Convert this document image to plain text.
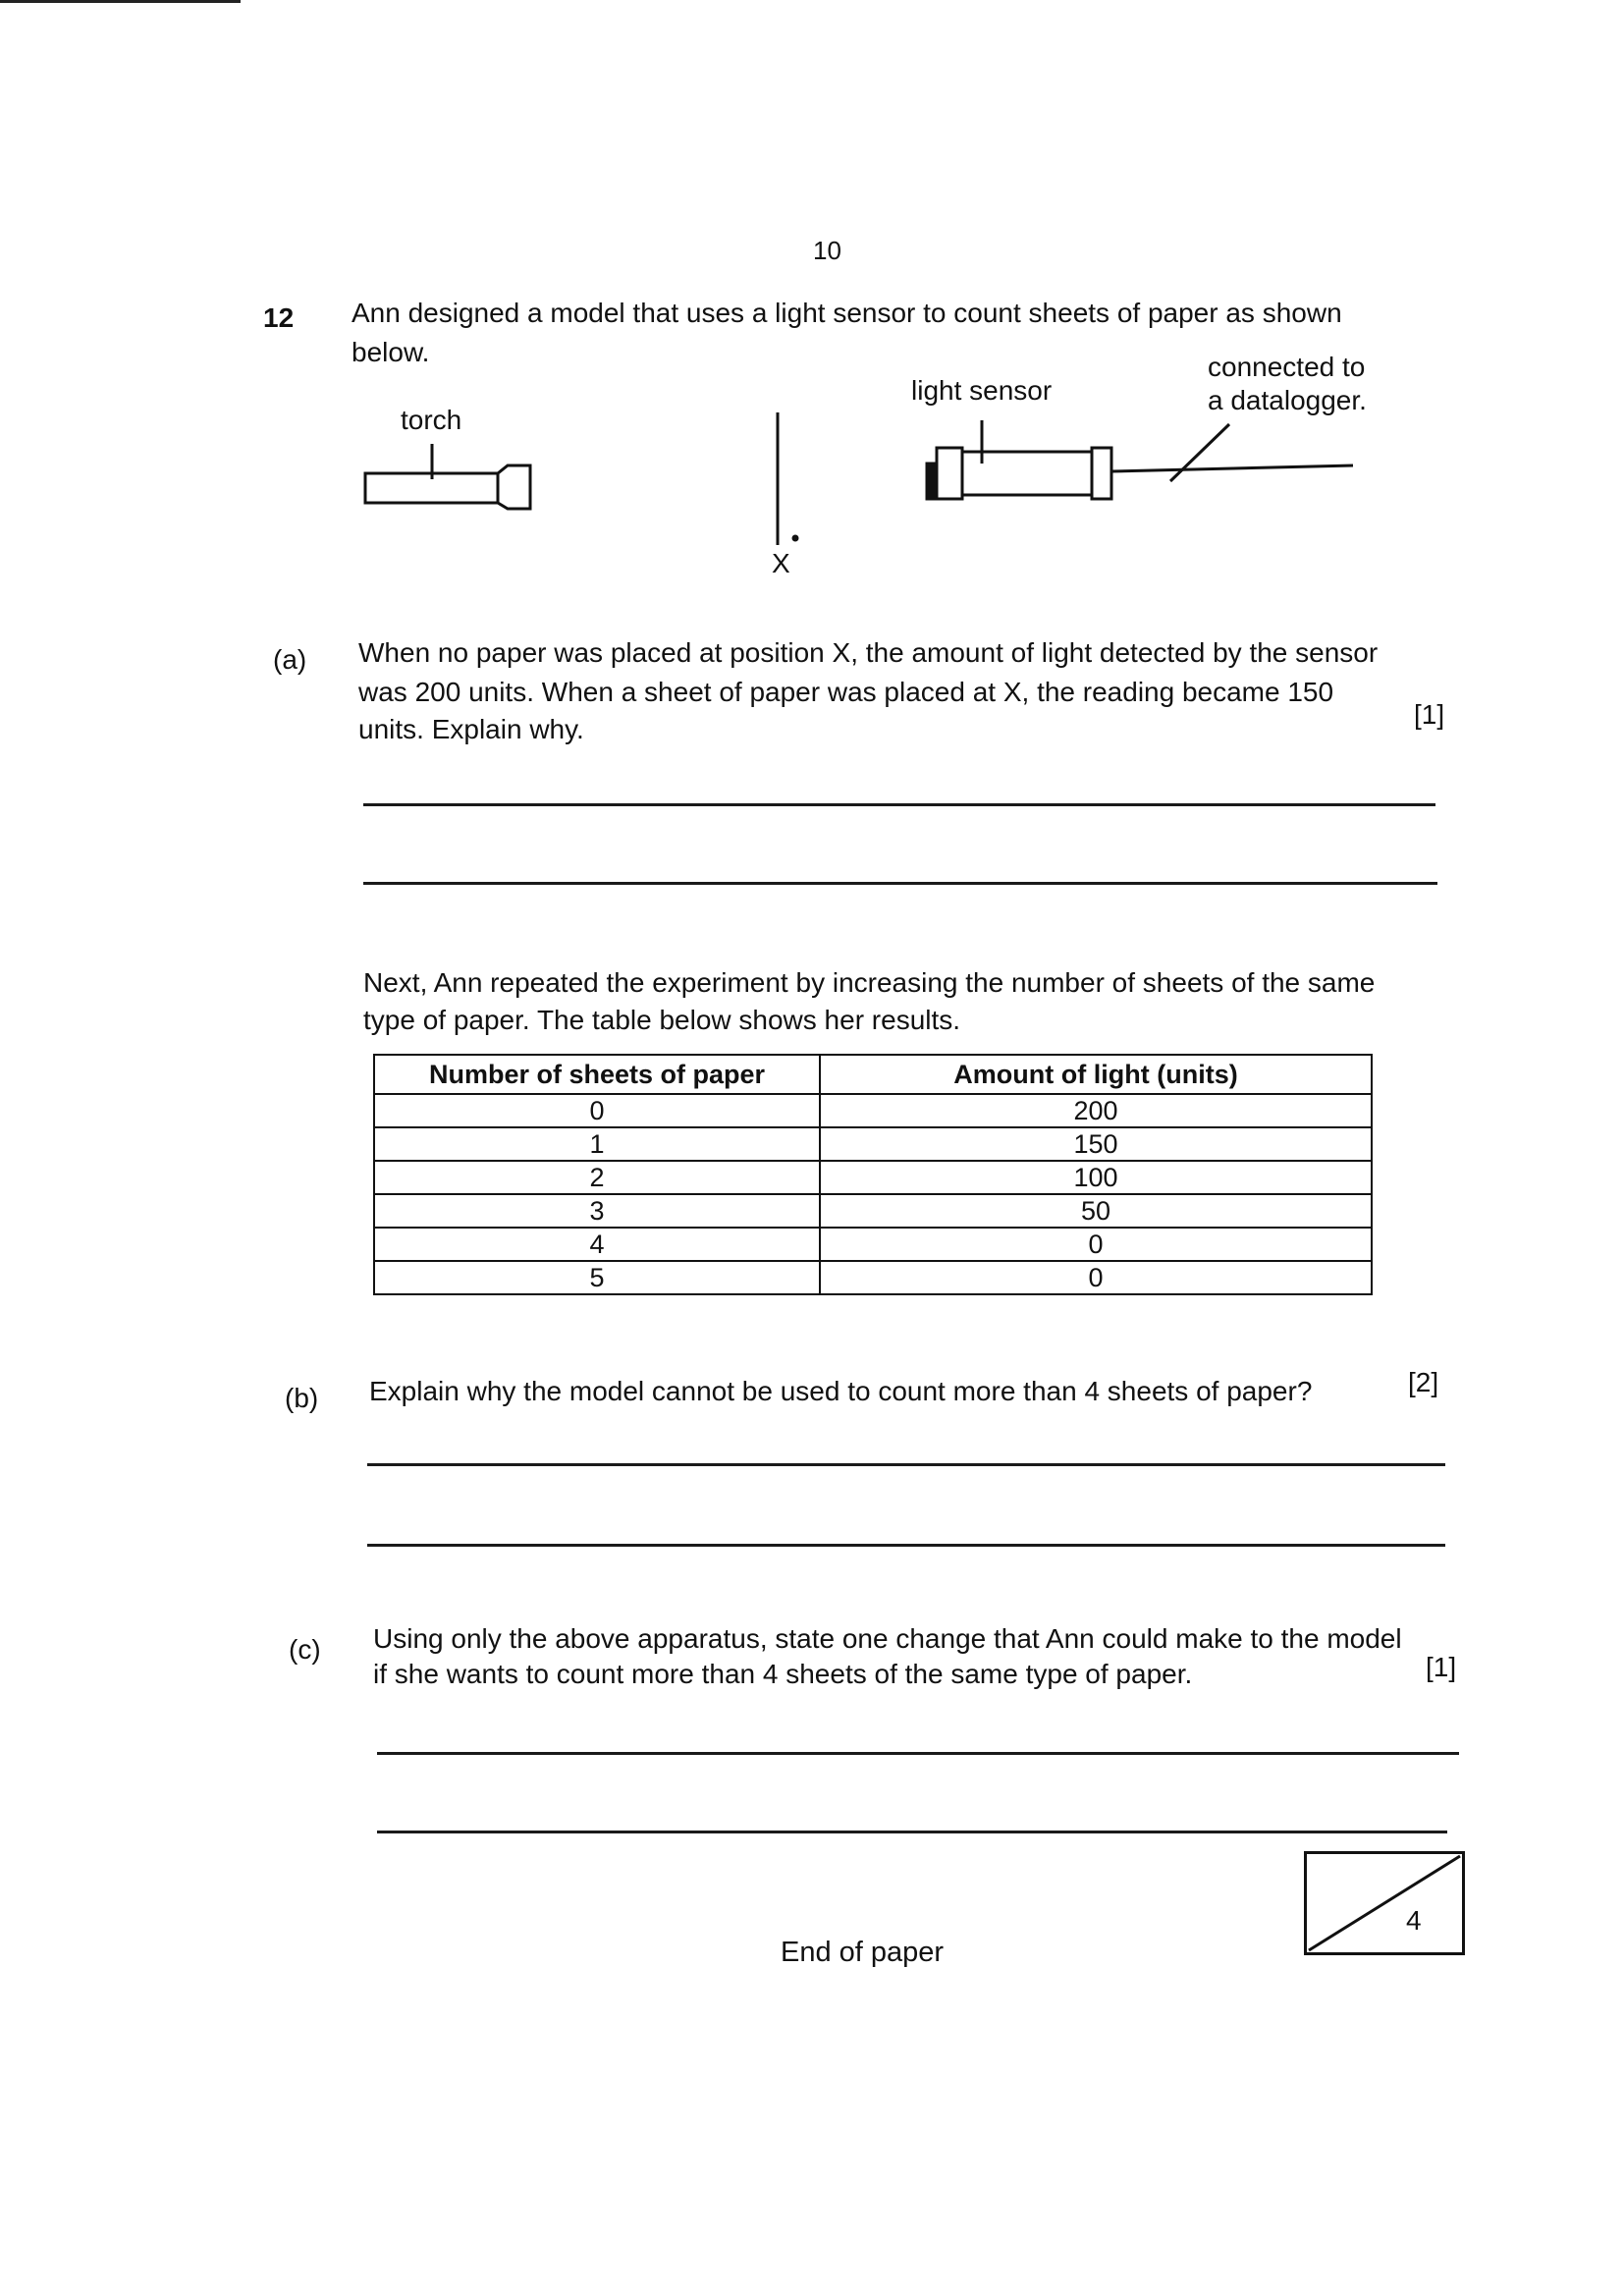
10
12 Ann designed a model that uses a light sensor to count sheets of paper as shown
below.
torch
light sensor
connected to
a datalogger.
X
(a) When no paper was placed at position X, the amount of light detected by the sensor
was 200 units. When a sheet of paper was placed at X, the reading became 150
units. Explain why.	[1]
Next, Ann repeated the experiment by increasing the number of sheets of the same
type of paper. The table below shows her results.
Number of sheets of paper	Amount of light (units)
0	200
1	150
2	100
3	50
4	0
5	0
(b) Explain why the model cannot be used to count more than 4 sheets of paper?	[2]
(c) Using only the above apparatus, state one change that Ann could make to the model
if she wants to count more than 4 sheets of the same type of paper.	[1]
4
End of paper
